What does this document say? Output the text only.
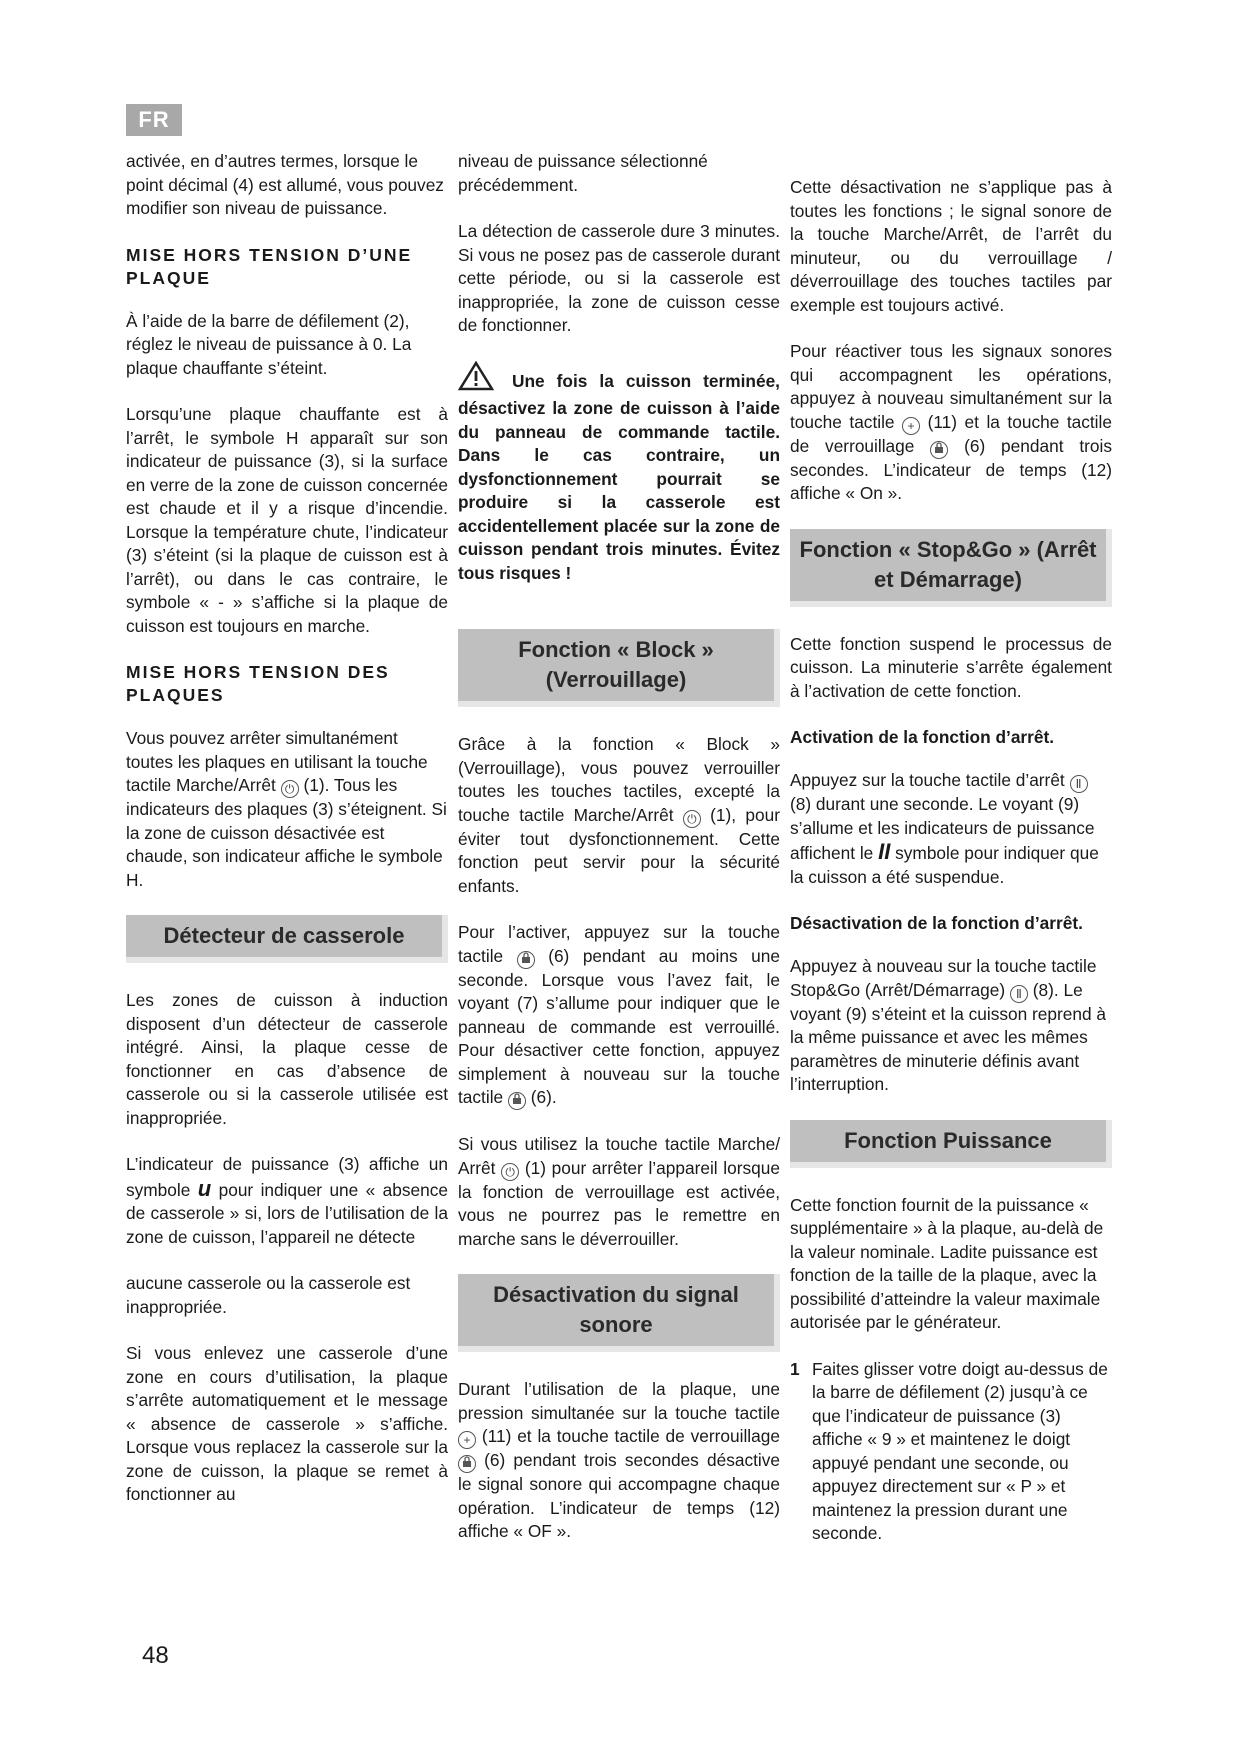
FR

activée, en d’autres termes, lorsque le point décimal (4) est allumé, vous pouvez modifier son niveau de puissance.

MISE HORS TENSION D’UNE PLAQUE

À l’aide de la barre de défilement (2), réglez le niveau de puissance à 0. La plaque chauffante s’éteint.

Lorsqu’une plaque chauffante est à l’arrêt, le symbole H apparaît sur son indicateur de puissance (3), si la surface en verre de la zone de cuisson concernée est chaude et il y a risque d’incendie. Lorsque la température chute, l’indicateur (3) s’éteint (si la plaque de cuisson est à l’arrêt), ou dans le cas contraire, le symbole « - » s’affiche si la plaque de cuisson est toujours en marche.

MISE HORS TENSION DES PLAQUES

Vous pouvez arrêter simultanément toutes les plaques en utilisant la touche tactile Marche/Arrêt ⏻ (1). Tous les indicateurs des plaques (3) s’éteignent. Si la zone de cuisson désactivée est chaude, son indicateur affiche le symbole H.

Détecteur de casserole

Les zones de cuisson à induction disposent d’un détecteur de casserole intégré. Ainsi, la plaque cesse de fonctionner en cas d’absence de casserole ou si la casserole utilisée est inappropriée.

L’indicateur de puissance (3) affiche un symbole u pour indiquer une « absence de casserole » si, lors de l’utilisation de la zone de cuisson, l’appareil ne détecte

aucune casserole ou la casserole est inappropriée.

Si vous enlevez une casserole d’une zone en cours d’utilisation, la plaque s’arrête automatiquement et le message « absence de casserole » s’affiche. Lorsque vous replacez la casserole sur la zone de cuisson, la plaque se remet à fonctionner au

niveau de puissance sélectionné précédemment.

La détection de casserole dure 3 minutes. Si vous ne posez pas de casserole durant cette période, ou si la casserole est inappropriée, la zone de cuisson cesse de fonctionner.

Une fois la cuisson terminée, désactivez la zone de cuisson à l’aide du panneau de commande tactile. Dans le cas contraire, un dysfonctionnement pourrait se produire si la casserole est accidentellement placée sur la zone de cuisson pendant trois minutes. Évitez tous risques !
Fonction « Block » (Verrouillage)

Grâce à la fonction « Block » (Verrouillage), vous pouvez verrouiller toutes les touches tactiles, excepté la touche tactile Marche/Arrêt ⏻ (1), pour éviter tout dysfonctionnement. Cette fonction peut servir pour la sécurité enfants.

Pour l’activer, appuyez sur la touche tactile	(6) pendant au moins une seconde. Lorsque vous l’avez fait, le voyant (7) s’allume pour indiquer que le panneau de commande est verrouillé. Pour désactiver cette fonction, appuyez simplement à nouveau sur la touche tactile (6).

Si vous utilisez la touche tactile Marche/ Arrêt ⏻ (1) pour arrêter l’appareil lorsque la fonction de verrouillage est activée, vous ne pourrez pas le remettre en marche sans le déverrouiller.

Désactivation du signal sonore

Durant l’utilisation de la plaque, une pression simultanée sur la touche tactile + (11) et la touche tactile de verrouillage  (6) pendant trois secondes désactive le signal sonore qui accompagne chaque opération. L’indicateur de temps (12) affiche « OF ».

Cette désactivation ne s’applique pas à toutes les fonctions ; le signal sonore de la touche Marche/Arrêt, de l’arrêt du minuteur, ou du verrouillage / déverrouillage des touches tactiles par exemple est toujours activé.

Pour réactiver tous les signaux sonores qui accompagnent les opérations, appuyez à nouveau simultanément sur la touche tactile + (11) et la touche tactile de verrouillage	(6) pendant trois secondes. L’indicateur de temps (12) affiche « On ».

Fonction « Stop&Go » (Arrêt et Démarrage)

Cette fonction suspend le processus de cuisson. La minuterie s’arrête également à l’activation de cette fonction.

Activation de la fonction d’arrêt.

Appuyez sur la touche tactile d’arrêt Ⅱ (8) durant une seconde. Le voyant (9) s’allume et les indicateurs de puissance affichent le II symbole pour indiquer que la cuisson a été suspendue.

Désactivation de la fonction d’arrêt.

Appuyez à nouveau sur la touche tactile Stop&Go (Arrêt/Démarrage) Ⅱ (8). Le voyant (9) s’éteint et la cuisson reprend à la même puissance et avec les mêmes paramètres de minuterie définis avant l’interruption.

Fonction Puissance

Cette fonction fournit de la puissance « supplémentaire » à la plaque, au-delà de la valeur nominale. Ladite puissance est fonction de la taille de la plaque, avec la possibilité d’atteindre la valeur maximale autorisée par le générateur.

1 Faites glisser votre doigt au-dessus de la barre de défilement (2) jusqu’à ce que l’indicateur de puissance (3) affiche « 9 » et maintenez le doigt appuyé pendant une seconde, ou appuyez directement sur « P » et maintenez la pression durant une seconde.
48
